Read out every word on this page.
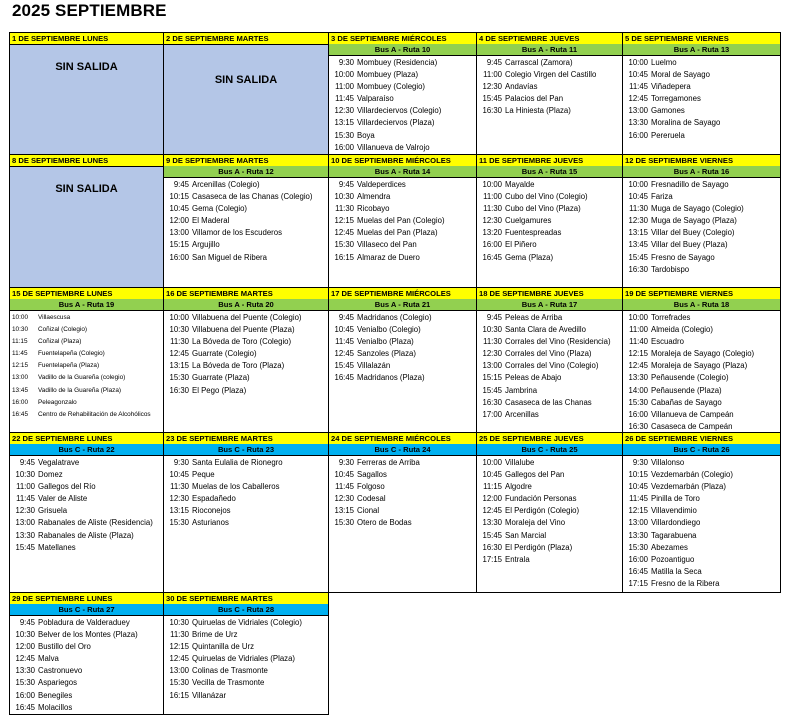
2025 SEPTIEMBRE
1 DE SEPTIEMBRE LUNES
SIN SALIDA
2 DE SEPTIEMBRE MARTES
SIN SALIDA
3 DE SEPTIEMBRE MIÉRCOLES
Bus A - Ruta 10
9:30 Mombuey (Residencia)
10:00 Mombuey (Plaza)
11:00 Mombuey (Colegio)
11:45 Valparaíso
12:30 Villardeciervos (Colegio)
13:15 Villardeciervos (Plaza)
15:30 Boya
16:00 Villanueva de Valrojo
4 DE SEPTIEMBRE JUEVES
Bus A - Ruta 11
9:45 Carrascal (Zamora)
11:00 Colegio Virgen del Castillo
12:30 Andavías
15:45 Palacios del Pan
16:30 La Hiniesta (Plaza)
5 DE SEPTIEMBRE VIERNES
Bus A - Ruta 13
10:00 Luelmo
10:45 Moral de Sayago
11:45 Viñadepera
12:45 Torregamones
13:00 Gamones
13:30 Moralina de Sayago
16:00 Pereruela
8 DE SEPTIEMBRE LUNES
SIN SALIDA
9 DE SEPTIEMBRE MARTES
Bus A - Ruta 12
9:45 Arcenillas (Colegio)
10:15 Casaseca de las Chanas (Colegio)
10:45 Gema (Colegio)
12:00 El Maderal
13:00 Villamor de los Escuderos
15:15 Argujillo
16:00 San Miguel de Ribera
10 DE SEPTIEMBRE MIÉRCOLES
Bus A - Ruta 14
9:45 Valdeperdices
10:30 Almendra
11:30 Ricobayo
12:15 Muelas del Pan (Colegio)
12:45 Muelas del Pan (Plaza)
15:30 Villaseco del Pan
16:15 Almaraz de Duero
11 DE SEPTIEMBRE JUEVES
Bus A - Ruta 15
10:00 Mayalde
11:00 Cubo del Vino (Colegio)
11:30 Cubo del Vino (Plaza)
12:30 Cuelgamures
13:20 Fuentespreadas
16:00 El Piñero
16:45 Gema (Plaza)
12 DE SEPTIEMBRE VIERNES
Bus A - Ruta 16
10:00 Fresnadillo de Sayago
10:45 Fariza
11:30 Muga de Sayago (Colegio)
12:30 Muga de Sayago (Plaza)
13:15 Villar del Buey (Colegio)
13:45 Villar del Buey (Plaza)
15:45 Fresno de Sayago
16:30 Tardobispo
15 DE SEPTIEMBRE LUNES
Bus A - Ruta 19
10:00 Villaescusa
10:30 Coñizal (Colegio)
11:15 Coñizal (Plaza)
11:45 Fuentelapeña (Colegio)
12:15 Fuentelapeña (Plaza)
13:00 Vadillo de la Guareña (colegio)
13:45 Vadillo de la Guareña (Plaza)
16:00 Peleagonzalo
16:45 Centro de Rehabilitación de Alcohólicos
16 DE SEPTIEMBRE MARTES
Bus A - Ruta 20
10:00 Villabuena del Puente (Colegio)
10:30 Villabuena del Puente (Plaza)
11:30 La Bóveda de Toro (Colegio)
12:45 Guarrate (Colegio)
13:15 La Bóveda de Toro (Plaza)
15:30 Guarrate (Plaza)
16:30 El Pego (Plaza)
17 DE SEPTIEMBRE MIÉRCOLES
Bus A - Ruta 21
9:45 Madridanos (Colegio)
10:45 Venialbo (Colegio)
11:45 Venialbo (Plaza)
12:45 Sanzoles (Plaza)
15:45 Villalazán
16:45 Madridanos (Plaza)
18 DE SEPTIEMBRE JUEVES
Bus A - Ruta 17
9:45 Peleas de Arriba
10:30 Santa Clara de Avedillo
11:30 Corrales del Vino (Residencia)
12:30 Corrales del Vino (Plaza)
13:00 Corrales del Vino (Colegio)
15:15 Peleas de Abajo
15:45 Jambrina
16:30 Casaseca de las Chanas
17:00 Arcenillas
19 DE SEPTIEMBRE VIERNES
Bus A - Ruta 18
10:00 Torrefrades
11:00 Almeida (Colegio)
11:40 Escuadro
12:15 Moraleja de Sayago (Colegio)
12:45 Moraleja de Sayago (Plaza)
13:30 Peñausende (Colegio)
14:00 Peñausende (Plaza)
15:30 Cabañas de Sayago
16:00 Villanueva de Campeán
16:30 Casaseca de Campeán
22 DE SEPTIEMBRE LUNES
Bus C - Ruta 22
9:45 Vegalatrave
10:30 Domez
11:00 Gallegos del Río
11:45 Valer de Aliste
12:30 Grisuela
13:00 Rabanales de Aliste (Residencia)
13:30 Rabanales de Aliste (Plaza)
15:45 Matellanes
23 DE SEPTIEMBRE MARTES
Bus C - Ruta 23
9:30 Santa Eulalia de Rionegro
10:45 Peque
11:30 Muelas de los Caballeros
12:30 Espadañedo
13:15 Rioconejos
15:30 Asturianos
24 DE SEPTIEMBRE MIÉRCOLES
Bus C - Ruta 24
9:30 Ferreras de Arriba
10:45 Sagallos
11:45 Folgoso
12:30 Codesal
13:15 Cional
15:30 Otero de Bodas
25 DE SEPTIEMBRE JUEVES
Bus C - Ruta 25
10:00 Villalube
10:45 Gallegos del Pan
11:15 Algodre
12:00 Fundación Personas
12:45 El Perdigón (Colegio)
13:30 Moraleja del Vino
15:45 San Marcial
16:30 El Perdigón (Plaza)
17:15 Entrala
26 DE SEPTIEMBRE VIERNES
Bus C - Ruta 26
9:30 Villalonso
10:15 Vezdemarbán (Colegio)
10:45 Vezdemarbán (Plaza)
11:45 Pinilla de Toro
12:15 Villavendimio
13:00 Villardondiego
13:30 Tagarabuena
15:30 Abezames
16:00 Pozoantiguo
16:45 Matilla la Seca
17:15 Fresno de la Ribera
29 DE SEPTIEMBRE LUNES
Bus C - Ruta 27
9:45 Pobladura de Valderaduey
10:30 Belver de los Montes (Plaza)
12:00 Bustillo del Oro
12:45 Malva
13:30 Castronuevo
15:30 Aspariegos
16:00 Benegiles
16:45 Molacillos
30 DE SEPTIEMBRE MARTES
Bus C - Ruta 28
10:30 Quiruelas de Vidriales (Colegio)
11:30 Brime de Urz
12:15 Quintanilla de Urz
12:45 Quiruelas de Vidriales (Plaza)
13:00 Colinas de Trasmonte
15:30 Vecilla de Trasmonte
16:15 Villanázar
